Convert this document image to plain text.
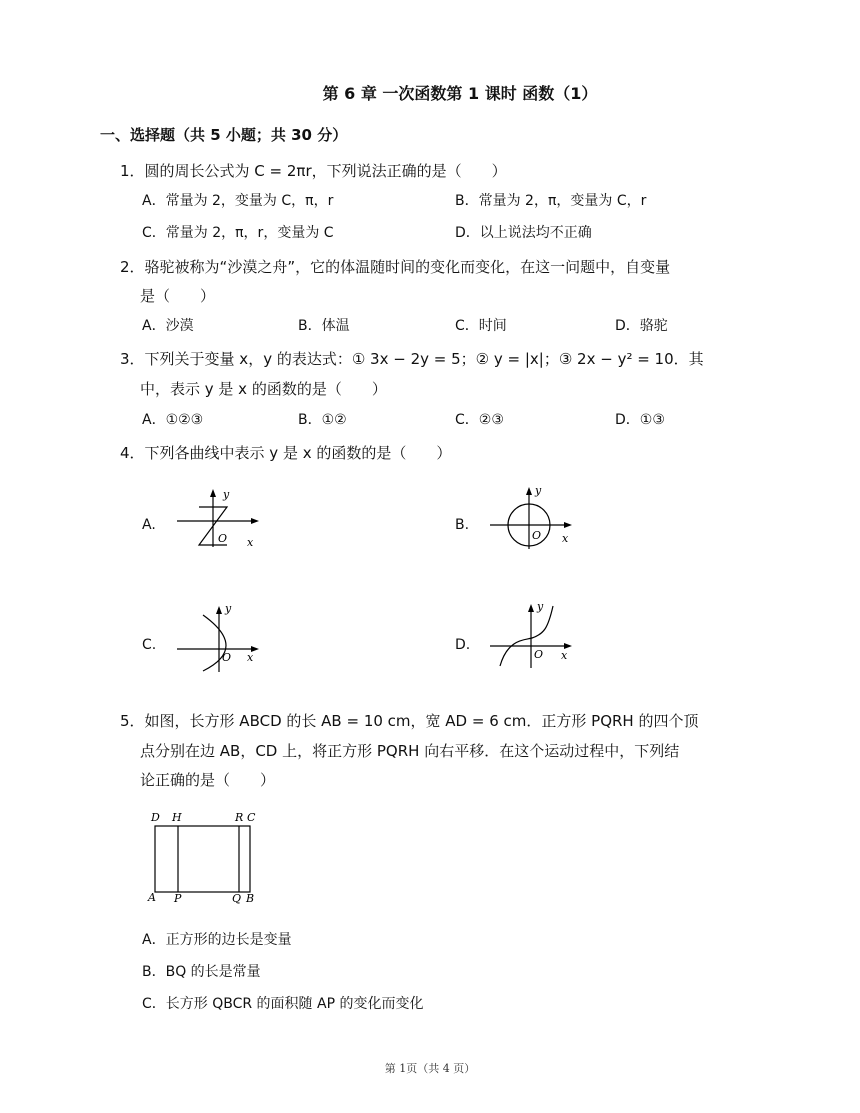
第 6 章 一次函数第 1 课时 函数（1）
一、选择题（共 5 小题；共 30 分）
1．圆的周长公式为 C = 2πr，下列说法正确的是（　　）
A．常量为 2，变量为 C，π，r	B．常量为 2，π，变量为 C，r
C．常量为 2，π，r，变量为 C	D．以上说法均不正确
2．骆驼被称为“沙漠之舟”，它的体温随时间的变化而变化，在这一问题中，自变量
是（　　）
A．沙漠	B．体温	C．时间	D．骆驼
3．下列关于变量 x，y 的表达式：① 3x − 2y = 5；② y = |x|；③ 2x − y² = 10．其
中，表示 y 是 x 的函数的是（　　）
A．①②③	B．①②	C．②③	D．①③
4．下列各曲线中表示 y 是 x 的函数的是（　　）
A.
O x
y
B.
O x
y
C.
O x
y
D.
O x
y
5．如图，长方形 ABCD 的长 AB = 10 cm，宽 AD = 6 cm．正方形 PQRH 的四个顶
点分别在边 AB，CD 上，将正方形 PQRH 向右平移．在这个运动过程中，下列结
论正确的是（　　）
D H	R C
A P	Q B
A．正方形的边长是变量
B．BQ 的长是常量
C．长方形 QBCR 的面积随 AP 的变化而变化
第 1页（共 4 页）
